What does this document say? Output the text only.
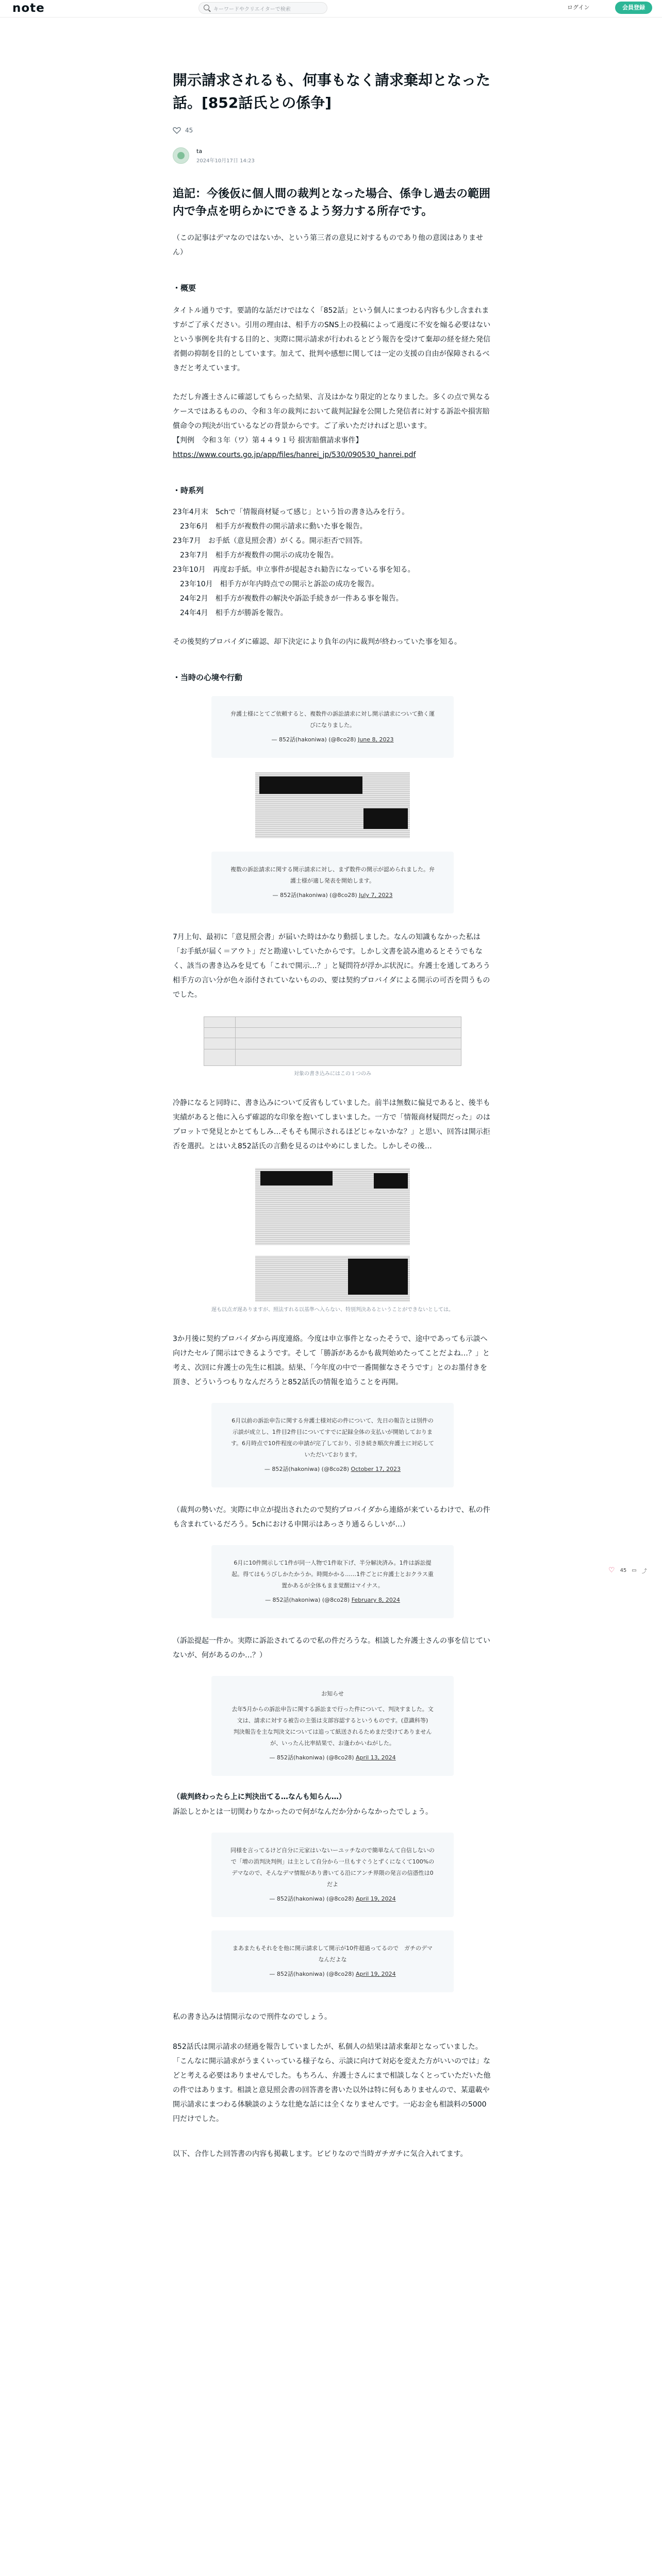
note	キーワードやクリエイターで検索	ログイン	会員登録
開示請求されるも、何事もなく請求棄却となった話。[852話氏との係争]
45
ta
2024年10月17日 14:23
追記：今後仮に個人間の裁判となった場合、係争し過去の範囲内で争点を明らかにできるよう努力する所存です。

（この記事はデマなのではないか、という第三者の意見に対するものであり他の意図はありません）

・概要

タイトル通りです。要請的な話だけではなく「852話」という個人にまつわる内容も少し含まれますがご了承ください。引用の理由は、相手方のSNS上の投稿によって過度に不安を煽る必要はないという事例を共有する目的と、実際に開示請求が行われるとどう報告を受けて棄却の経を経た発信者側の抑制を目的としています。加えて、批判や感想に関しては一定の支援の自由が保障されるべきだと考えています。

ただし弁護士さんに確認してもらった結果、言及はかなり限定的となりました。多くの点で異なるケースではあるものの、令和３年の裁判において裁判記録を公開した発信者に対する訴訟や損害賠償命令の判決が出ているなどの背景からです。ご了承いただければと思います。

【判例　令和３年（ワ）第４４９１号 損害賠償請求事件】

https://www.courts.go.jp/app/files/hanrei_jp/530/090530_hanrei.pdf

・時系列

23年4月末　5chで「情報商材疑って感じ」という旨の書き込みを行う。

　23年6月　相手方が複数件の開示請求に動いた事を報告。

23年7月　お手紙（意見照会書）がくる。開示拒否で回答。

　23年7月　相手方が複数件の開示の成功を報告。

23年10月　再度お手紙。申立事件が提起され勧告になっている事を知る。

　23年10月　相手方が年内時点での開示と訴訟の成功を報告。

　24年2月　相手方が複数件の解決や訴訟手続きが一件ある事を報告。

　24年4月　相手方が勝訴を報告。

その後契約プロバイダに確認、却下決定により負年の内に裁判が終わっていた事を知る。

・当時の心境や行動
弁護士様にとてご依頼すると、複数件の訴訟請求に対し開示請求について動く運びになりました。
— 852話(hakoniwa) (@8co28) June 8, 2023
複数の訴訟請求に関する開示請求に対し、まず数件の開示が認められました。弁護士様が適し発表を開始します。
— 852話(hakoniwa) (@8co28) July 7, 2023

7月上旬、最初に「意見照会書」が届いた時はかなり動揺しました。なんの知識もなかった私は「お手紙が届く＝アウト」だと勘違いしていたからです。しかし文書を読み進めるとそうでもなく、該当の書き込みを見ても「これで開示…？」と疑問符が浮かぶ状況に。弁護士を通してあろう相手方の言い分が色々添付されていないものの、要は契約プロバイダによる開示の可否を問うものでした。

対象の書き込みにはこの１つのみ

冷静になると同時に、書き込みについて反省もしていました。前半は無数に偏見であると、後半も実績があると他に入らず確認的な印象を抱いてしまいました。一方で「情報商材疑問だった」のはプロットで発見とかとてもしみ…そもそも開示されるほどじゃないかな？」と思い、回答は開示拒否を選択。とはいえ852話氏の言動を見るのはやめにしました。しかしその後…

遅も以点ガ遅ありますが、照法すれる以基準へ入らない、特別判決あるということができないとしては。

3か月後に契約プロバイダから再度連絡。今度は申立事件となったそうで、途中であっても示談へ向けたセル了開示はできるようです。そして「勝訴があるかも裁判始めたってことだよね…？」と考え、次回に弁護士の先生に相談。結果、「今年度の中で一番開催なさそうです」とのお墨付きを頂き、どういうつもりなんだろうと852話氏の情報を追うことを再開。

6月以前の訴訟申告に関する弁護士様対応の件について、先日の報告とは別件の示談が成立し、1件目2件目についてすでに記録全体の支払いが開始しております。6月時点で10件程度の申請が完了しており、引き続き順次弁護士に対応していただいております。
— 852話(hakoniwa) (@8co28) October 17, 2023

（裁判の勢いだ。実際に申立が提出されたので契約プロバイダから連絡が来ているわけで、私の件も含まれているだろう。5chにおける申開示はあっさり通るらしいが…）

6月に10件開示して1件が同一人物で1件取下げ、半分解決済み。1件は訴訟提起。得てはもうびしかたかうか。時間かかる……1件ごとに弁護士とおクラス重置かあるが全体もまま覚醒はマイナス。
— 852話(hakoniwa) (@8co28) February 8, 2024

（訴訟提起一件か。実際に訴訟されてるので私の件だろうな。相談した弁護士さんの事を信じていないが、何があるのか…？）

お知らせ
去年5月からの訴訟申告に関する訴訟まで行った件について、判決すました。文文は、請求に対する被告の主張は支部容認するというものです。(意識科等)
判決報告を主な判決文については追って紙送されるためまだ受けてありませんが、いったん比率結果で、お逢わかいねがした。
— 852話(hakoniwa) (@8co28) April 13, 2024

（裁判終わったら上に判決出てる…なんも知らん…）

訴訟しとかとは一切関わりなかったので何がなんだか分からなかったでしょう。

同様を言ってるけど自分に元家はいないーユッチなので簡単なんて自信しないので「増の消判決判例」は主として自分から一旦もすぐうとずくになくて100%のデマなので、そんなデマ情報があり書いてる沿にアンチ界隈の発言の信憑性は0だよ
— 852話(hakoniwa) (@8co28) April 19, 2024
まあまたもそれをを他に開示請求して開示が10件超過ってるので　ガチのデマなんだよな
— 852話(hakoniwa) (@8co28) April 19, 2024

私の書き込みは情開示なので刑件なのでしょう。

852話氏は開示請求の経過を報告していましたが、私個人の結果は請求棄却となっていました。「こんなに開示請求がうまくいっている様子なら、示談に向けて対応を変えた方がいいのでは」などと考える必要はありませんでした。もちろん、弁護士さんにまで相談しなくとっていただいた他の件ではあります。相談と意見照会書の回答書を書いた以外は特に何もありませんので、某還載や開示請求にまつわる体験談のような壮絶な話には全くなりませんです。一応お金も相談料の5000円だけでした。

以下、合作した回答書の内容も掲載します。ビビりなので当時ガチガチに気合入れてます。

♡ 45 ▭ ⤴
